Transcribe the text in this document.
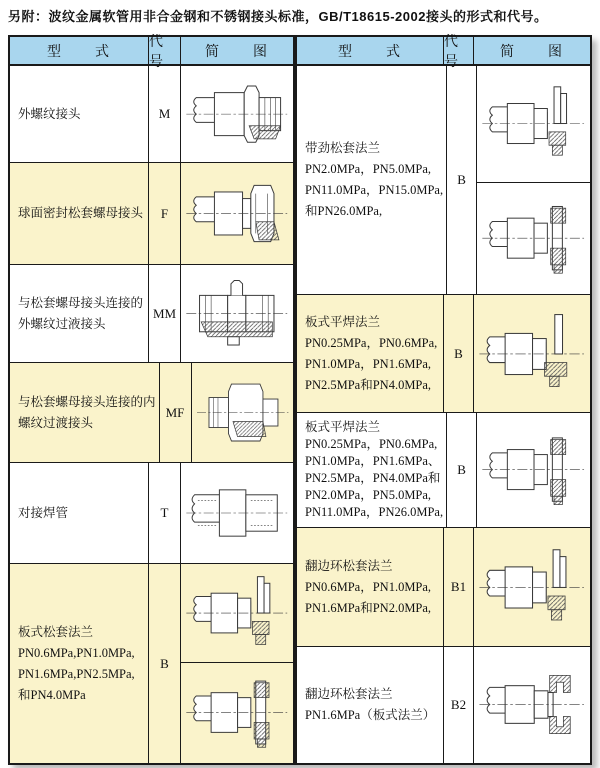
另附：波纹金属软管用非合金钢和不锈钢接头标准，GB/T18615-2002接头的形式和代号。
型　　式
代号
简　　图
外螺纹接头	M
球面密封松套螺母接头	F
与松套螺母接头连接的
外螺纹过液接头
MM
与松套螺母接头连接的内
螺纹过渡接头
MF
对接焊管	T
板式松套法兰
PN0.6MPa,PN1.0MPa,
PN1.6MPa,PN2.5MPa,
和PN4.0MPa
B
型　　式
代号
简　　图
带劲松套法兰
PN2.0MPa，PN5.0MPa,
PN11.0MPa，PN15.0MPa,
和PN26.0MPa,
B
板式平焊法兰
PN0.25MPa，PN0.6MPa,
PN1.0MPa，PN1.6MPa,
PN2.5MPa和PN4.0MPa,
B
板式平焊法兰
PN0.25MPa，PN0.6MPa,
PN1.0MPa，PN1.6MPa、
PN2.5MPa，PN4.0MPa和
PN2.0MPa，PN5.0MPa,
PN11.0MPa，PN26.0MPa,
B
翻边环松套法兰
PN0.6MPa，PN1.0MPa,
PN1.6MPa和PN2.0MPa,
B1
翻边环松套法兰
PN1.6MPa（板式法兰）
B2
